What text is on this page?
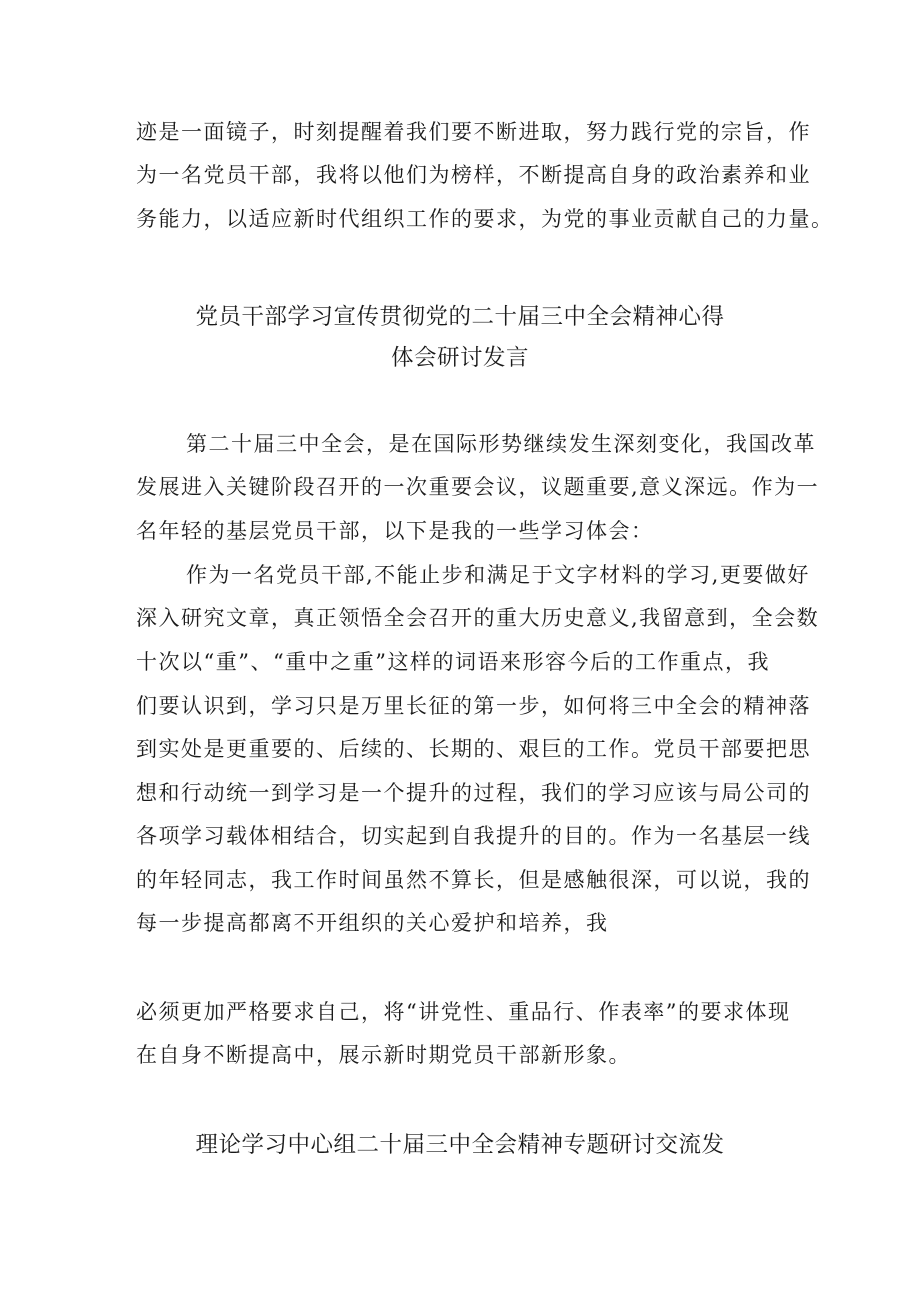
迹是一面镜子，时刻提醒着我们要不断进取，努力践行党的宗旨，作
为一名党员干部，我将以他们为榜样，不断提高自身的政治素养和业
务能力，以适应新时代组织工作的要求，为党的事业贡献自己的力量。
党员干部学习宣传贯彻党的二十届三中全会精神心得
体会研讨发言
第二十届三中全会，是在国际形势继续发生深刻变化，我国改革
发展进入关键阶段召开的一次重要会议，议题重要,意义深远。作为一
名年轻的基层党员干部，以下是我的一些学习体会：
作为一名党员干部,不能止步和满足于文字材料的学习,更要做好
深入研究文章，真正领悟全会召开的重大历史意义,我留意到，全会数
十次以“重”、“重中之重”这样的词语来形容今后的工作重点，我
们要认识到，学习只是万里长征的第一步，如何将三中全会的精神落
到实处是更重要的、后续的、长期的、艰巨的工作。党员干部要把思
想和行动统一到学习是一个提升的过程，我们的学习应该与局公司的
各项学习载体相结合，切实起到自我提升的目的。作为一名基层一线
的年轻同志，我工作时间虽然不算长，但是感触很深，可以说，我的
每一步提高都离不开组织的关心爱护和培养，我
必须更加严格要求自己，将“讲党性、重品行、作表率”的要求体现
在自身不断提高中，展示新时期党员干部新形象。
理论学习中心组二十届三中全会精神专题研讨交流发
